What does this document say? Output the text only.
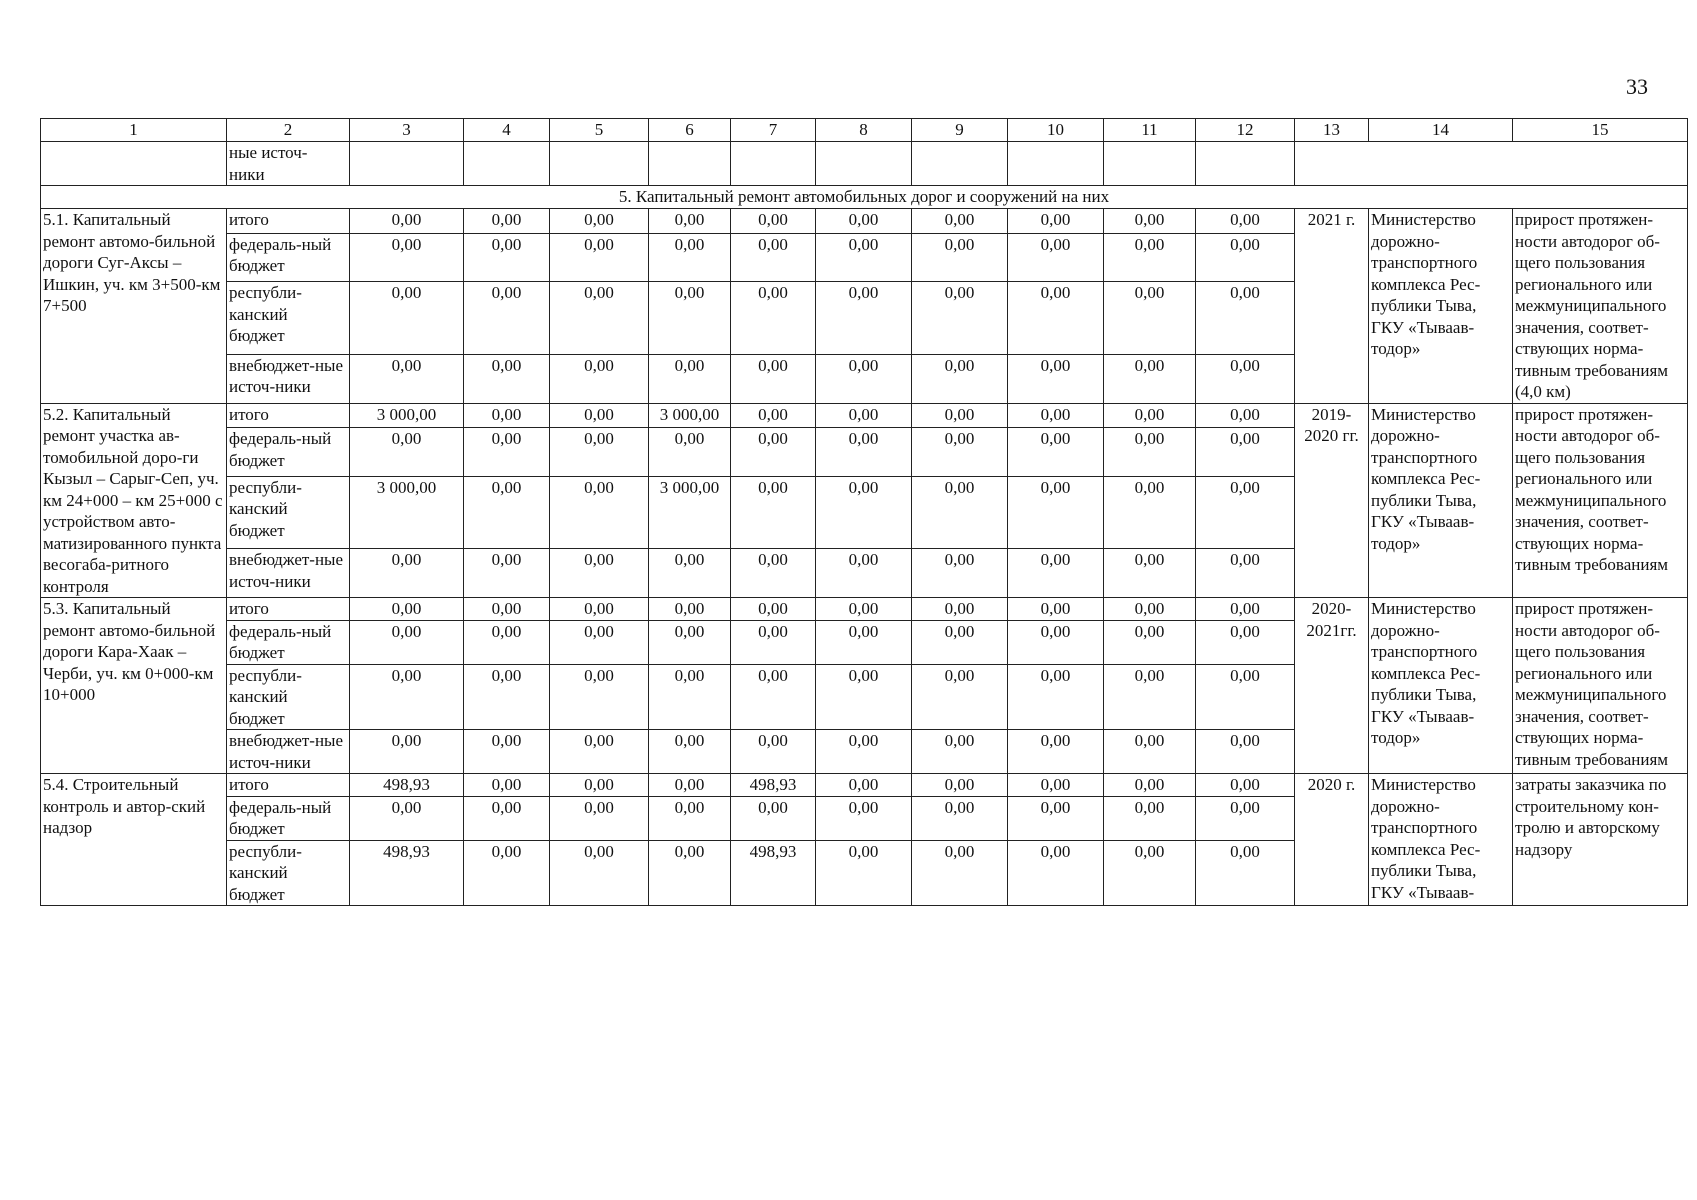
33
1	2	3	4	5	6	7	8	9	10	11	12	13	14	15
	ные источ-
ники													
5. Капитальный ремонт автомобильных дорог и сооружений на них														
5.1. Капитальный ремонт автомо-бильной дороги Суг-Аксы – Ишкин, уч. км 3+500-км 7+500	итого	0,00	0,00	0,00	0,00	0,00	0,00	0,00	0,00	0,00	0,00	2021 г.	Министерство дорожно-транспортного комплекса Рес-публики Тыва, ГКУ «Тываав-тодор»	прирост протяжен-ности автодорог об-щего пользования регионального или межмуниципального значения, соответ-ствующих норма-тивным требованиям (4,0 км)
	федераль-ный бюджет	0,00	0,00	0,00	0,00	0,00	0,00	0,00	0,00	0,00	0,00			
	республи-канский бюджет	0,00	0,00	0,00	0,00	0,00	0,00	0,00	0,00	0,00	0,00			
	внебюджет-ные источ-ники	0,00	0,00	0,00	0,00	0,00	0,00	0,00	0,00	0,00	0,00			
5.2. Капитальный ремонт участка ав-томобильной доро-ги Кызыл – Сарыг-Сеп, уч. км 24+000 – км 25+000 с устройством авто-матизированного пункта весогаба-ритного контроля	итого	3 000,00	0,00	0,00	3 000,00	0,00	0,00	0,00	0,00	0,00	0,00	2019-2020 гг.	Министерство дорожно-транспортного комплекса Рес-публики Тыва, ГКУ «Тываав-тодор»	прирост протяжен-ности автодорог об-щего пользования регионального или межмуниципального значения, соответ-ствующих норма-тивным требованиям
	федераль-ный бюджет	0,00	0,00	0,00	0,00	0,00	0,00	0,00	0,00	0,00	0,00			
	республи-канский бюджет	3 000,00	0,00	0,00	3 000,00	0,00	0,00	0,00	0,00	0,00	0,00			
	внебюджет-ные источ-ники	0,00	0,00	0,00	0,00	0,00	0,00	0,00	0,00	0,00	0,00			
5.3. Капитальный ремонт автомо-бильной дороги Кара-Хаак – Черби, уч. км 0+000-км 10+000	итого	0,00	0,00	0,00	0,00	0,00	0,00	0,00	0,00	0,00	0,00	2020-2021гг.	Министерство дорожно-транспортного комплекса Рес-публики Тыва, ГКУ «Тываав-тодор»	прирост протяжен-ности автодорог об-щего пользования регионального или межмуниципального значения, соответ-ствующих норма-тивным требованиям
	федераль-ный бюджет	0,00	0,00	0,00	0,00	0,00	0,00	0,00	0,00	0,00	0,00			
	республи-канский бюджет	0,00	0,00	0,00	0,00	0,00	0,00	0,00	0,00	0,00	0,00			
	внебюджет-ные источ-ники	0,00	0,00	0,00	0,00	0,00	0,00	0,00	0,00	0,00	0,00			
5.4. Строительный контроль и автор-ский надзор	итого	498,93	0,00	0,00	0,00	498,93	0,00	0,00	0,00	0,00	0,00	2020 г.	Министерство дорожно-транспортного комплекса Рес-публики Тыва, ГКУ «Тываав-	затраты заказчика по строительному кон-тролю и авторскому надзору
	федераль-ный бюджет	0,00	0,00	0,00	0,00	0,00	0,00	0,00	0,00	0,00	0,00			
	республи-канский бюджет	498,93	0,00	0,00	0,00	498,93	0,00	0,00	0,00	0,00	0,00			
